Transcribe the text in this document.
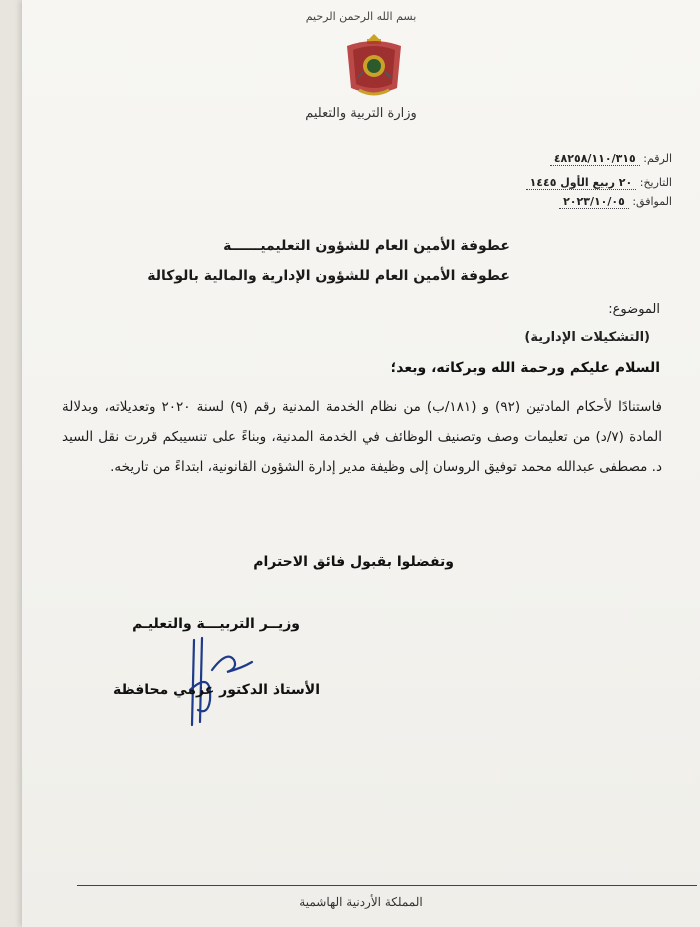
بسم الله الرحمن الرحيم
وزارة التربية والتعليم
الرقم: ٤٨٢٥٨/١١٠/٣١٥
التاريخ: ٢٠ ربيع الأول ١٤٤٥
الموافق: ٢٠٢٣/١٠/٠٥
عطوفة الأمين العام للشؤون التعليميــــــة
عطوفة الأمين العام للشؤون الإدارية والمالية بالوكالة
الموضوع:
(التشكيلات الإدارية)
السلام عليكم ورحمة الله وبركاته، وبعد؛
فاستنادًا لأحكام المادتين (٩٢) و (١٨١/ب) من نظام الخدمة المدنية رقم (٩) لسنة ٢٠٢٠ وتعديلاته، وبدلالة المادة (٧/د) من تعليمات وصف وتصنيف الوظائف في الخدمة المدنية، وبناءً على تنسيبكم قررت نقل السيد د. مصطفى عبدالله محمد توفيق الروسان إلى وظيفة مدير إدارة الشؤون القانونية، ابتداءً من تاريخه.
وتفضلوا بقبول فائق الاحترام
وزيــر التربيـــة والتعليـم
الأستاذ الدكتور عزمي محافظة
المملكة الأردنية الهاشمية
